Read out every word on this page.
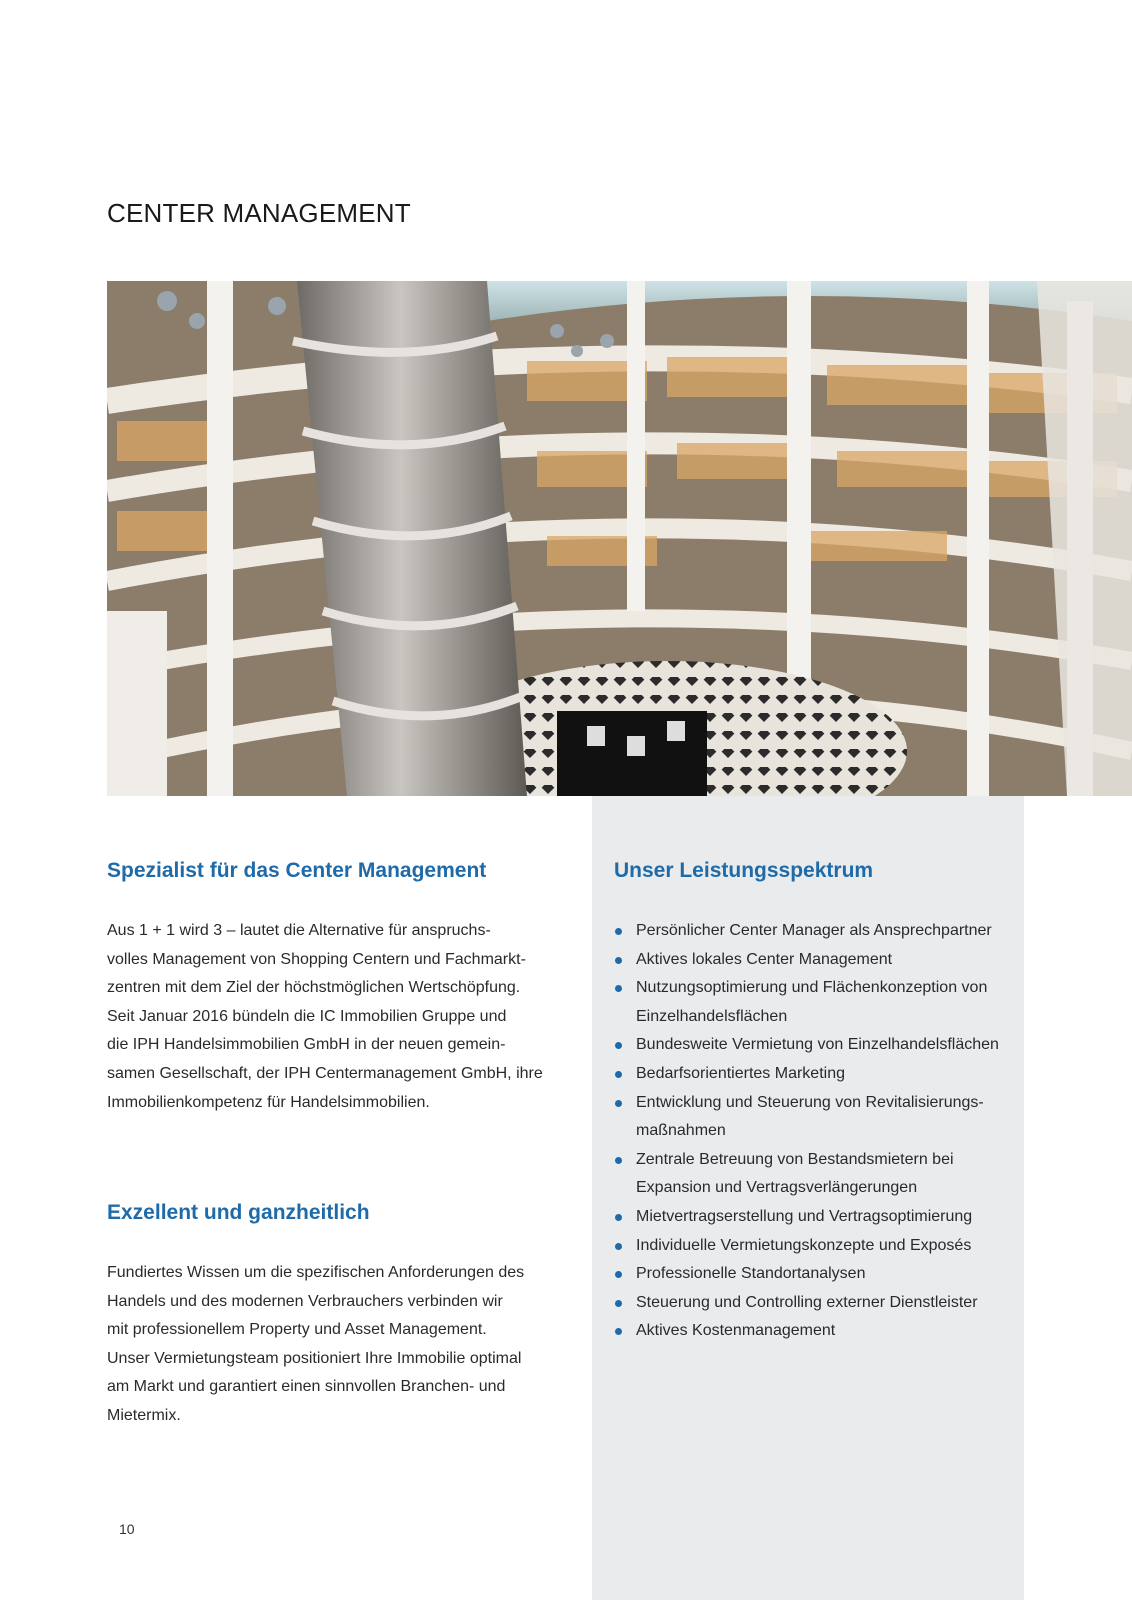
CENTER MANAGEMENT
Spezialist für das Center Management

Aus 1 + 1 wird 3 – lautet die Alternative für anspruchs-
volles Management von Shopping Centern und Fachmarkt-
zentren mit dem Ziel der höchstmöglichen Wertschöpfung.
Seit Januar 2016 bündeln die IC Immobilien Gruppe und
die IPH Handelsimmobilien GmbH in der neuen gemein-
samen Gesellschaft, der IPH Centermanagement GmbH, ihre
Immobilienkompetenz für Handelsimmobilien.

Exzellent und ganzheitlich

Fundiertes Wissen um die spezifischen Anforderungen des
Handels und des modernen Verbrauchers verbinden wir
mit professionellem Property und Asset Management.
Unser Vermietungsteam positioniert Ihre Immobilie optimal
am Markt und garantiert einen sinnvollen Branchen- und
Mietermix.

Unser Leistungsspektrum
Persönlicher Center Manager als Ansprechpartner
Aktives lokales Center Management
Nutzungsoptimierung und Flächenkonzeption von
Einzelhandelsflächen
Bundesweite Vermietung von Einzelhandelsflächen
Bedarfsorientiertes Marketing
Entwicklung und Steuerung von Revitalisierungs-
maßnahmen
Zentrale Betreuung von Bestandsmietern bei
Expansion und Vertragsverlängerungen
Mietvertragserstellung und Vertragsoptimierung
Individuelle Vermietungskonzepte und Exposés
Professionelle Standortanalysen
Steuerung und Controlling externer Dienstleister
Aktives Kostenmanagement
10
